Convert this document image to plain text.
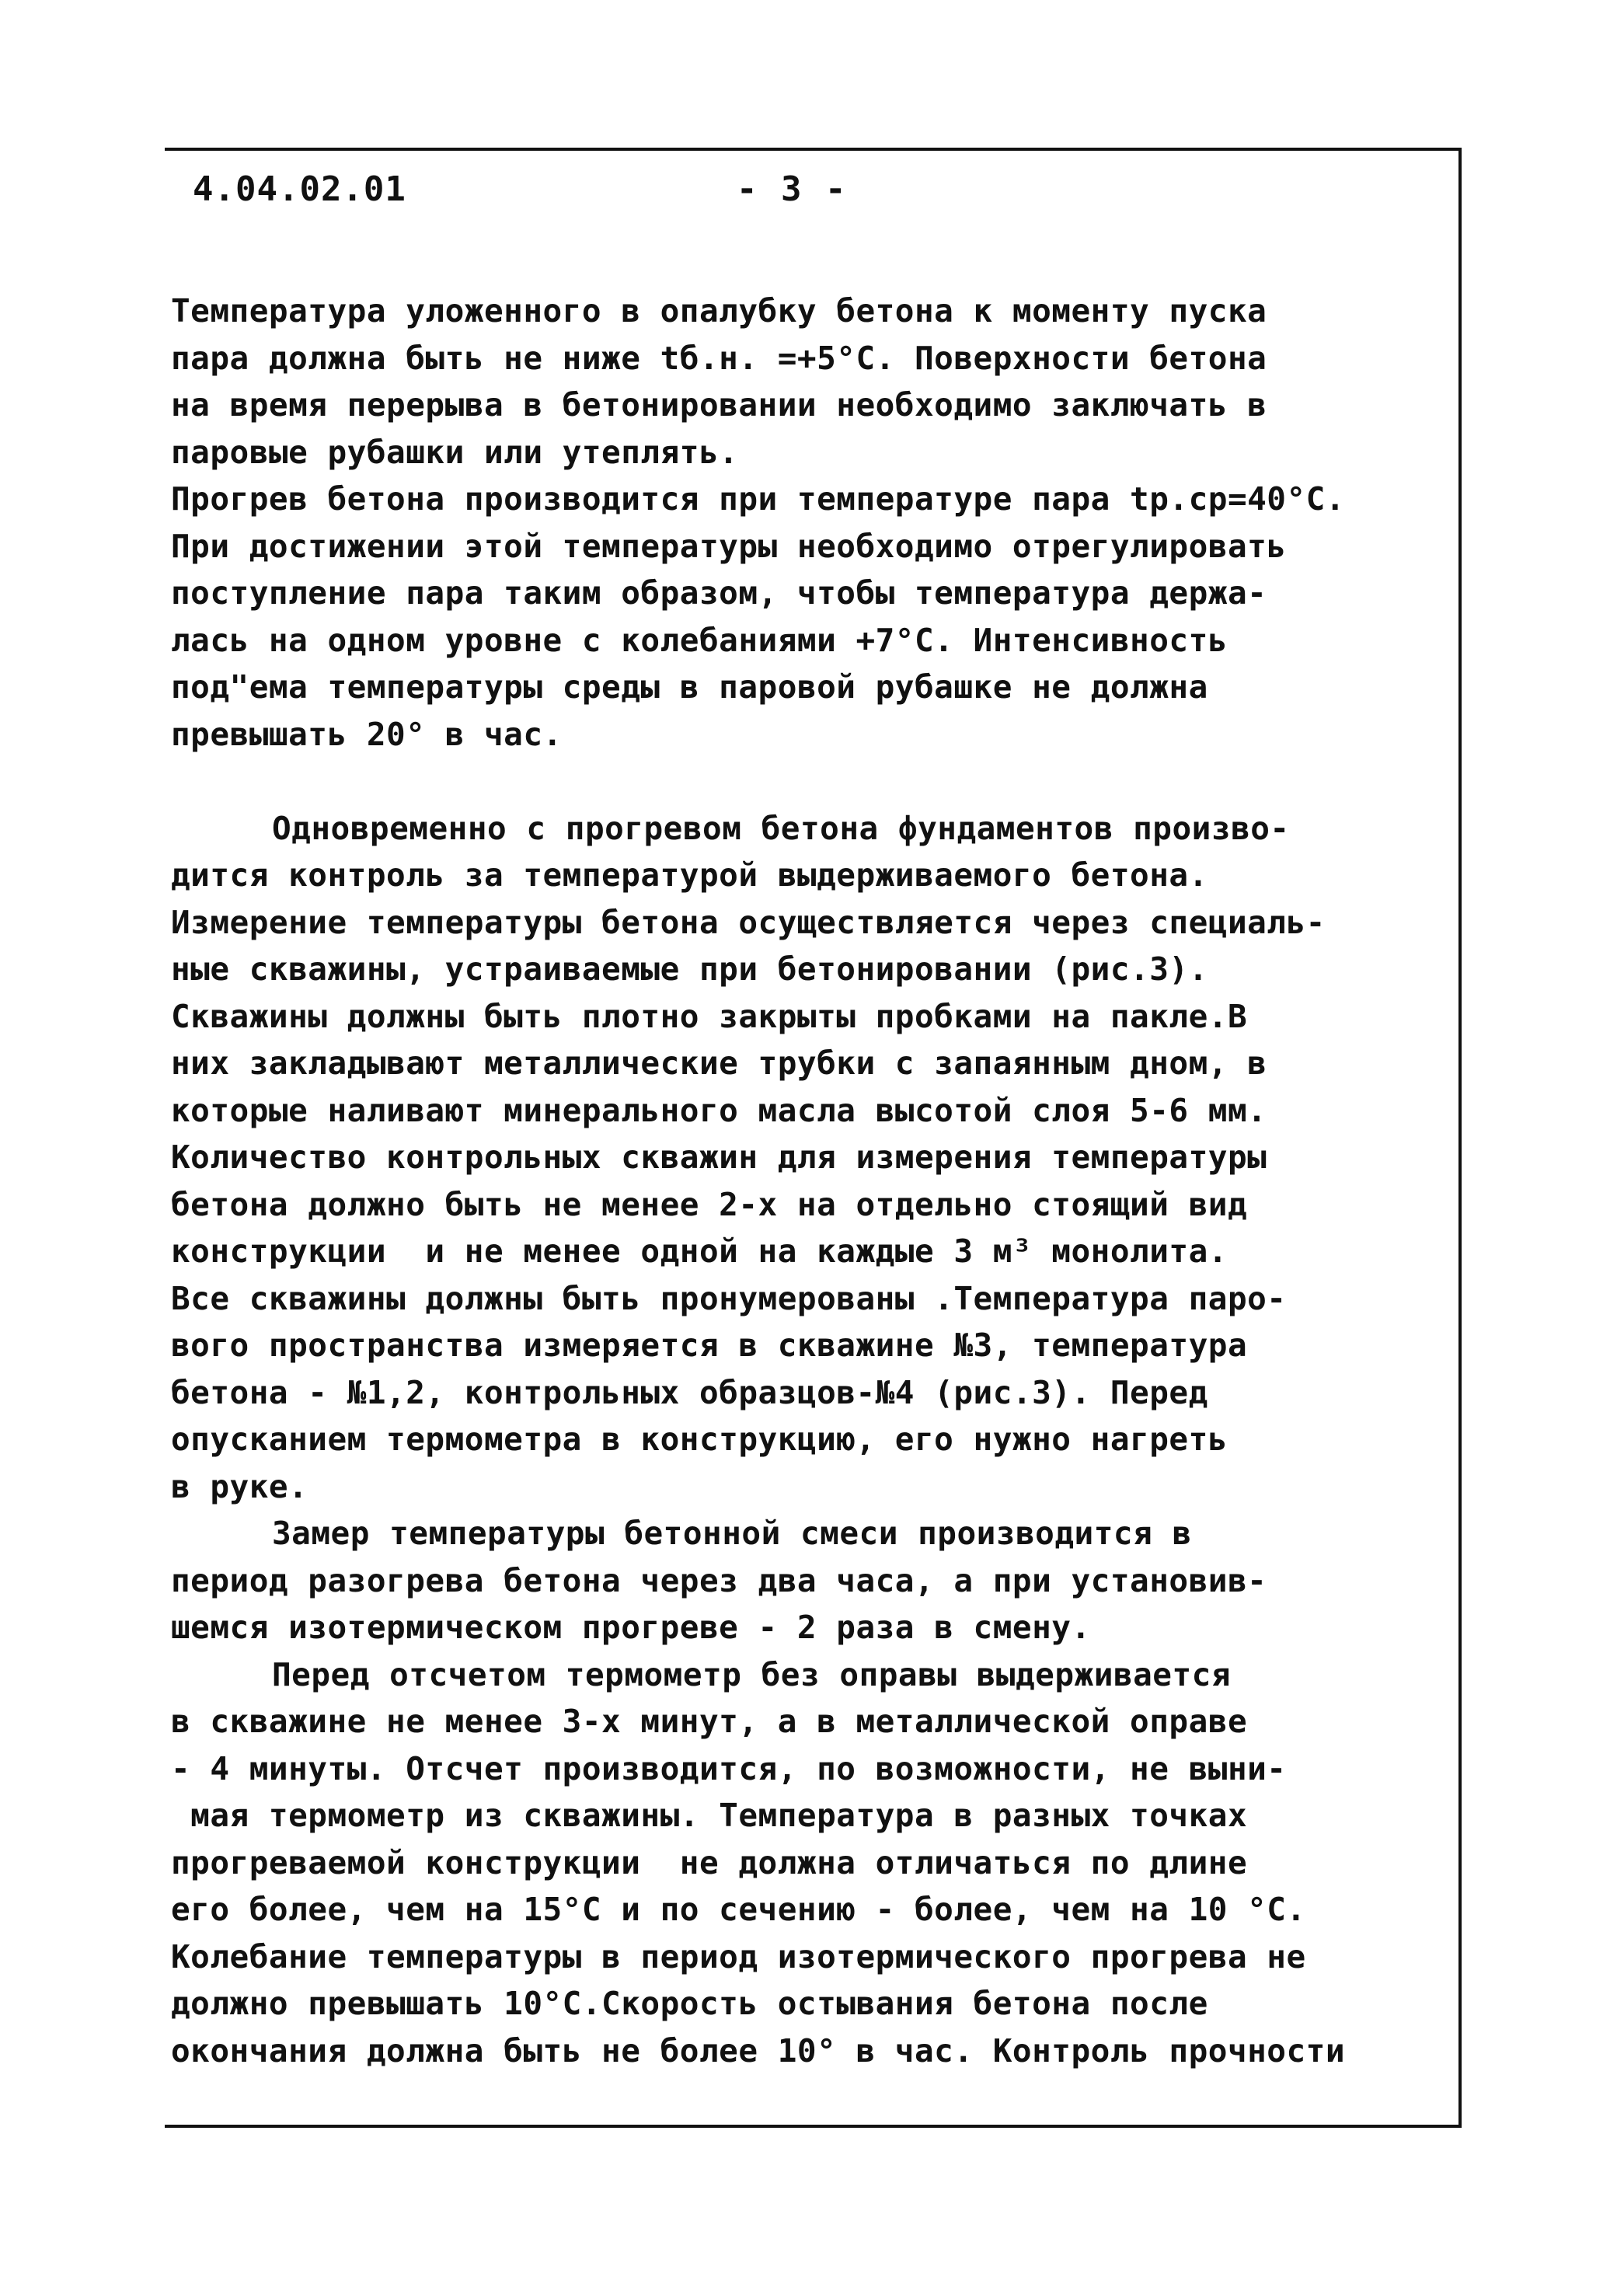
4.04.02.01	- 3 -
Температура уложенного в опалубку бетона к моменту пуска
пара должна быть не ниже tб.н. =+5°С. Поверхности бетона
на время перерыва в бетонировании необходимо заключать в
паровые рубашки или утеплять.
Прогрев бетона производится при температуре пара tр.ср=40°С.
При достижении этой температуры необходимо отрегулировать
поступление пара таким образом, чтобы температура держа-
лась на одном уровне с колебаниями +7°С. Интенсивность
под"ема температуры среды в паровой рубашке не должна
превышать 20° в час.
Одновременно с прогревом бетона фундаментов произво-
дится контроль за температурой выдерживаемого бетона.
Измерение температуры бетона осуществляется через специаль-
ные скважины, устраиваемые при бетонировании (рис.3).
Скважины должны быть плотно закрыты пробками на пакле.В
них закладывают металлические трубки с запаянным дном, в
которые наливают минерального масла высотой слоя 5-6 мм.
Количество контрольных скважин для измерения температуры
бетона должно быть не менее 2-х на отдельно стоящий вид
конструкции  и не менее одной на каждые 3 м³ монолита.
Все скважины должны быть пронумерованы .Температура паро-
вого пространства измеряется в скважине №3, температура
бетона - №1,2, контрольных образцов-№4 (рис.3). Перед
опусканием термометра в конструкцию, его нужно нагреть
в руке.
Замер температуры бетонной смеси производится в
период разогрева бетона через два часа, а при установив-
шемся изотермическом прогреве - 2 раза в смену.
Перед отсчетом термометр без оправы выдерживается
в скважине не менее 3-х минут, а в металлической оправе
- 4 минуты. Отсчет производится, по возможности, не выни-
мая термометр из скважины. Температура в разных точках
прогреваемой конструкции  не должна отличаться по длине
его более, чем на 15°С и по сечению - более, чем на 10 °С.
Колебание температуры в период изотермического прогрева не
должно превышать 10°С.Скорость остывания бетона после
окончания должна быть не более 10° в час. Контроль прочности
